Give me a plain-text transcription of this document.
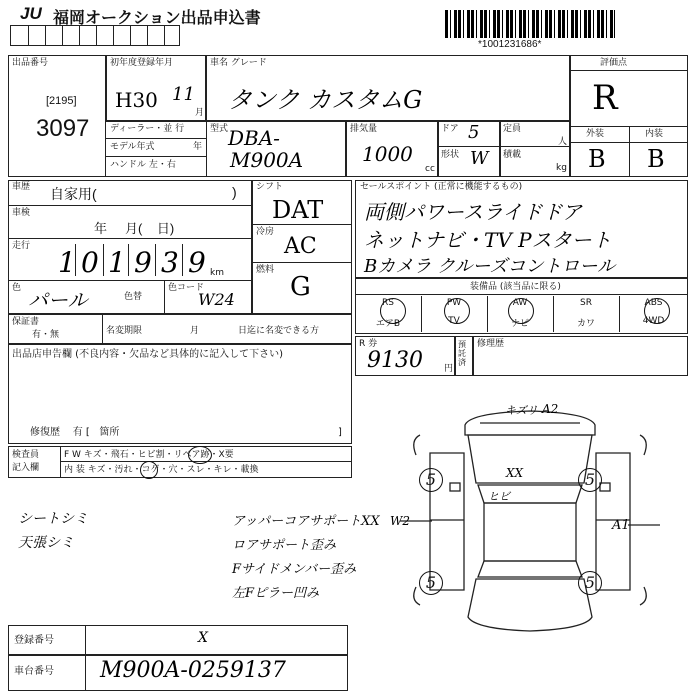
JU 福岡オークション出品申込書
*1001231686*
出品番号
[2195]
3097
初年度登録年月
H30 11
月
ディーラー・並 行
モデル年式	年
ハンドル 左・右
車名 グレード
タンク カスタムG
型式 DBA-
M900A
排気量
1000
cc
ドア 5
形状 W
定員
人
積載
kg
評価点
R
外装	内装
B B
車歴 自家用(	)
車検
年     月(    日)
走行 1 0 1 9 3 9 km
色 パール	色替
色コード
W24
シフト
DAT
冷房
AC
燃料
G
セールスポイント (正常に機能するもの)
両側パワースライドドア
ネットナビ・TV Pスタート
Bカメラ クルーズコントロール
装備品 (該当品に限る)
RS	PW	AW	SR	ABS
エアB	TV	ナビ	カワ	4WD
保証書
有・無	名変期限	月	日迄に名変できる方
R 券
9130 円
預託済
修理歴
出品店申告欄 (不良内容・欠品など具体的に記入して下さい)
修復歴    有 [   箇所	]
検査員
記入欄
F W キズ・飛石・ヒビ割・リペア跡・X要
内 装 キズ・汚れ・コゲ・穴・スレ・キレ・載換
シートシミ
天張シミ
アッパーコアサポートXX
ロアサポート歪み
Fサイドメンバー歪み
左Fピラー凹み
キズリ A2
XX
ヒビ
W2	A1
5	5
5	5
登録番号	X
車台番号 M900A-0259137
